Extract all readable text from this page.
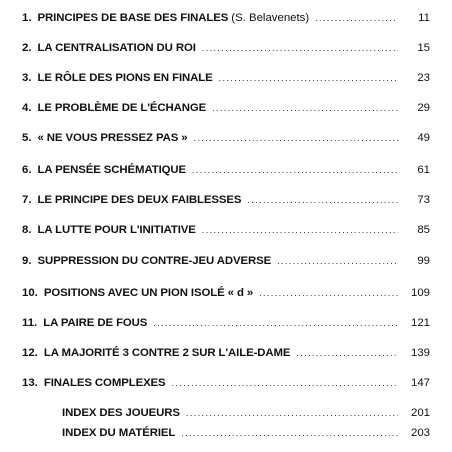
1. PRINCIPES DE BASE DES FINALES (S. Belavenets) .....	11
2. LA CENTRALISATION DU ROI .....	15
3. LE RÔLE DES PIONS EN FINALE .....	23
4. LE PROBLÈME DE L'ÉCHANGE .....	29
5. « NE VOUS PRESSEZ PAS » .....	49
6. LA PENSÉE SCHÉMATIQUE .....	61
7. LE PRINCIPE DES DEUX FAIBLESSES .....	73
8. LA LUTTE POUR L'INITIATIVE .....	85
9. SUPPRESSION DU CONTRE-JEU ADVERSE .....	99
10. POSITIONS AVEC UN PION ISOLÉ « d » .....	109
11. LA PAIRE DE FOUS .....	121
12. LA MAJORITÉ 3 CONTRE 2 SUR L'AILE-DAME .....	139
13. FINALES COMPLEXES .....	147
INDEX DES JOUEURS .....	201
INDEX DU MATÉRIEL .....	203
